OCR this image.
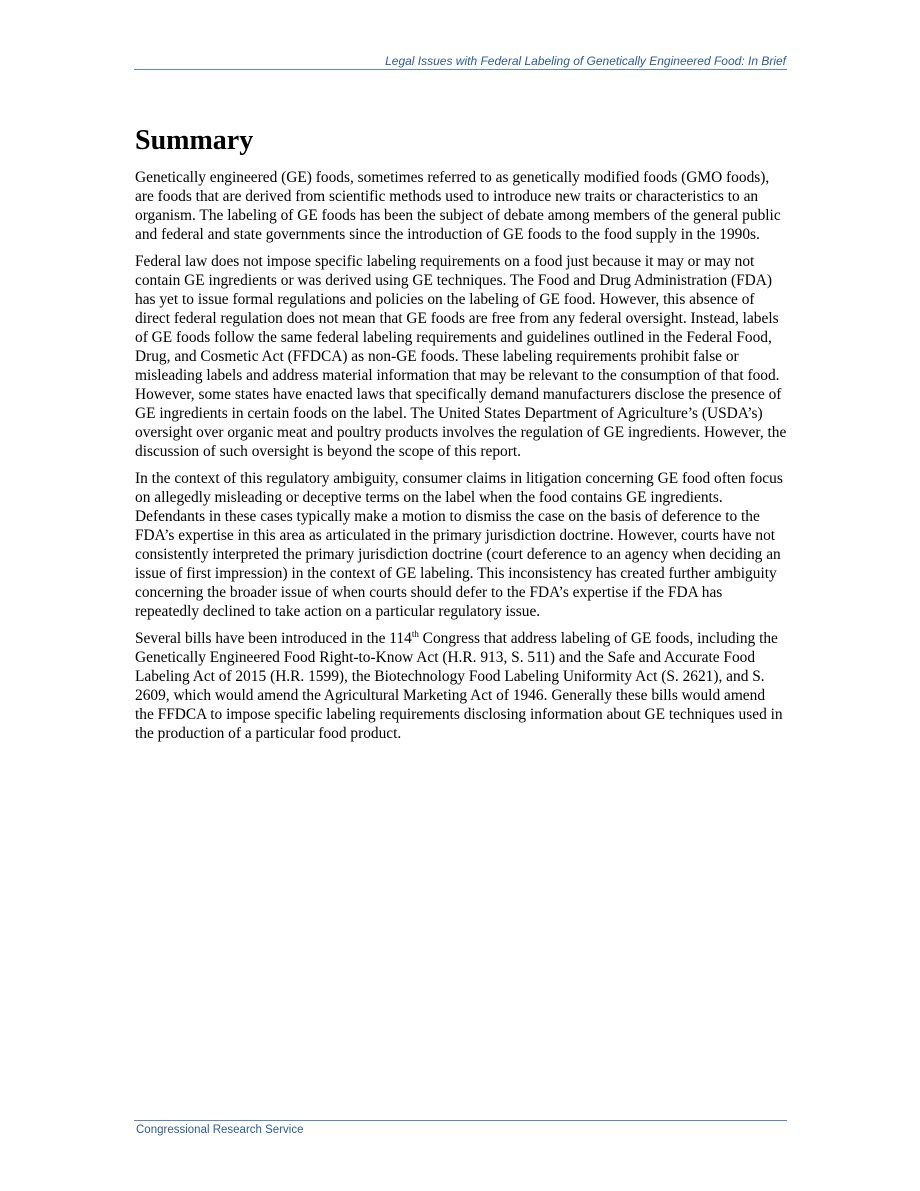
Legal Issues with Federal Labeling of Genetically Engineered Food: In Brief
Summary

Genetically engineered (GE) foods, sometimes referred to as genetically modified foods (GMO foods), are foods that are derived from scientific methods used to introduce new traits or characteristics to an organism. The labeling of GE foods has been the subject of debate among members of the general public and federal and state governments since the introduction of GE foods to the food supply in the 1990s.

Federal law does not impose specific labeling requirements on a food just because it may or may not contain GE ingredients or was derived using GE techniques. The Food and Drug Administration (FDA) has yet to issue formal regulations and policies on the labeling of GE food. However, this absence of direct federal regulation does not mean that GE foods are free from any federal oversight. Instead, labels of GE foods follow the same federal labeling requirements and guidelines outlined in the Federal Food, Drug, and Cosmetic Act (FFDCA) as non-GE foods. These labeling requirements prohibit false or misleading labels and address material information that may be relevant to the consumption of that food. However, some states have enacted laws that specifically demand manufacturers disclose the presence of GE ingredients in certain foods on the label. The United States Department of Agriculture’s (USDA’s) oversight over organic meat and poultry products involves the regulation of GE ingredients. However, the discussion of such oversight is beyond the scope of this report.

In the context of this regulatory ambiguity, consumer claims in litigation concerning GE food often focus on allegedly misleading or deceptive terms on the label when the food contains GE ingredients. Defendants in these cases typically make a motion to dismiss the case on the basis of deference to the FDA’s expertise in this area as articulated in the primary jurisdiction doctrine. However, courts have not consistently interpreted the primary jurisdiction doctrine (court deference to an agency when deciding an issue of first impression) in the context of GE labeling. This inconsistency has created further ambiguity concerning the broader issue of when courts should defer to the FDA’s expertise if the FDA has repeatedly declined to take action on a particular regulatory issue.

Several bills have been introduced in the 114th Congress that address labeling of GE foods, including the Genetically Engineered Food Right-to-Know Act (H.R. 913, S. 511) and the Safe and Accurate Food Labeling Act of 2015 (H.R. 1599), the Biotechnology Food Labeling Uniformity Act (S. 2621), and S. 2609, which would amend the Agricultural Marketing Act of 1946. Generally these bills would amend the FFDCA to impose specific labeling requirements disclosing information about GE techniques used in the production of a particular food product.

Congressional Research Service
